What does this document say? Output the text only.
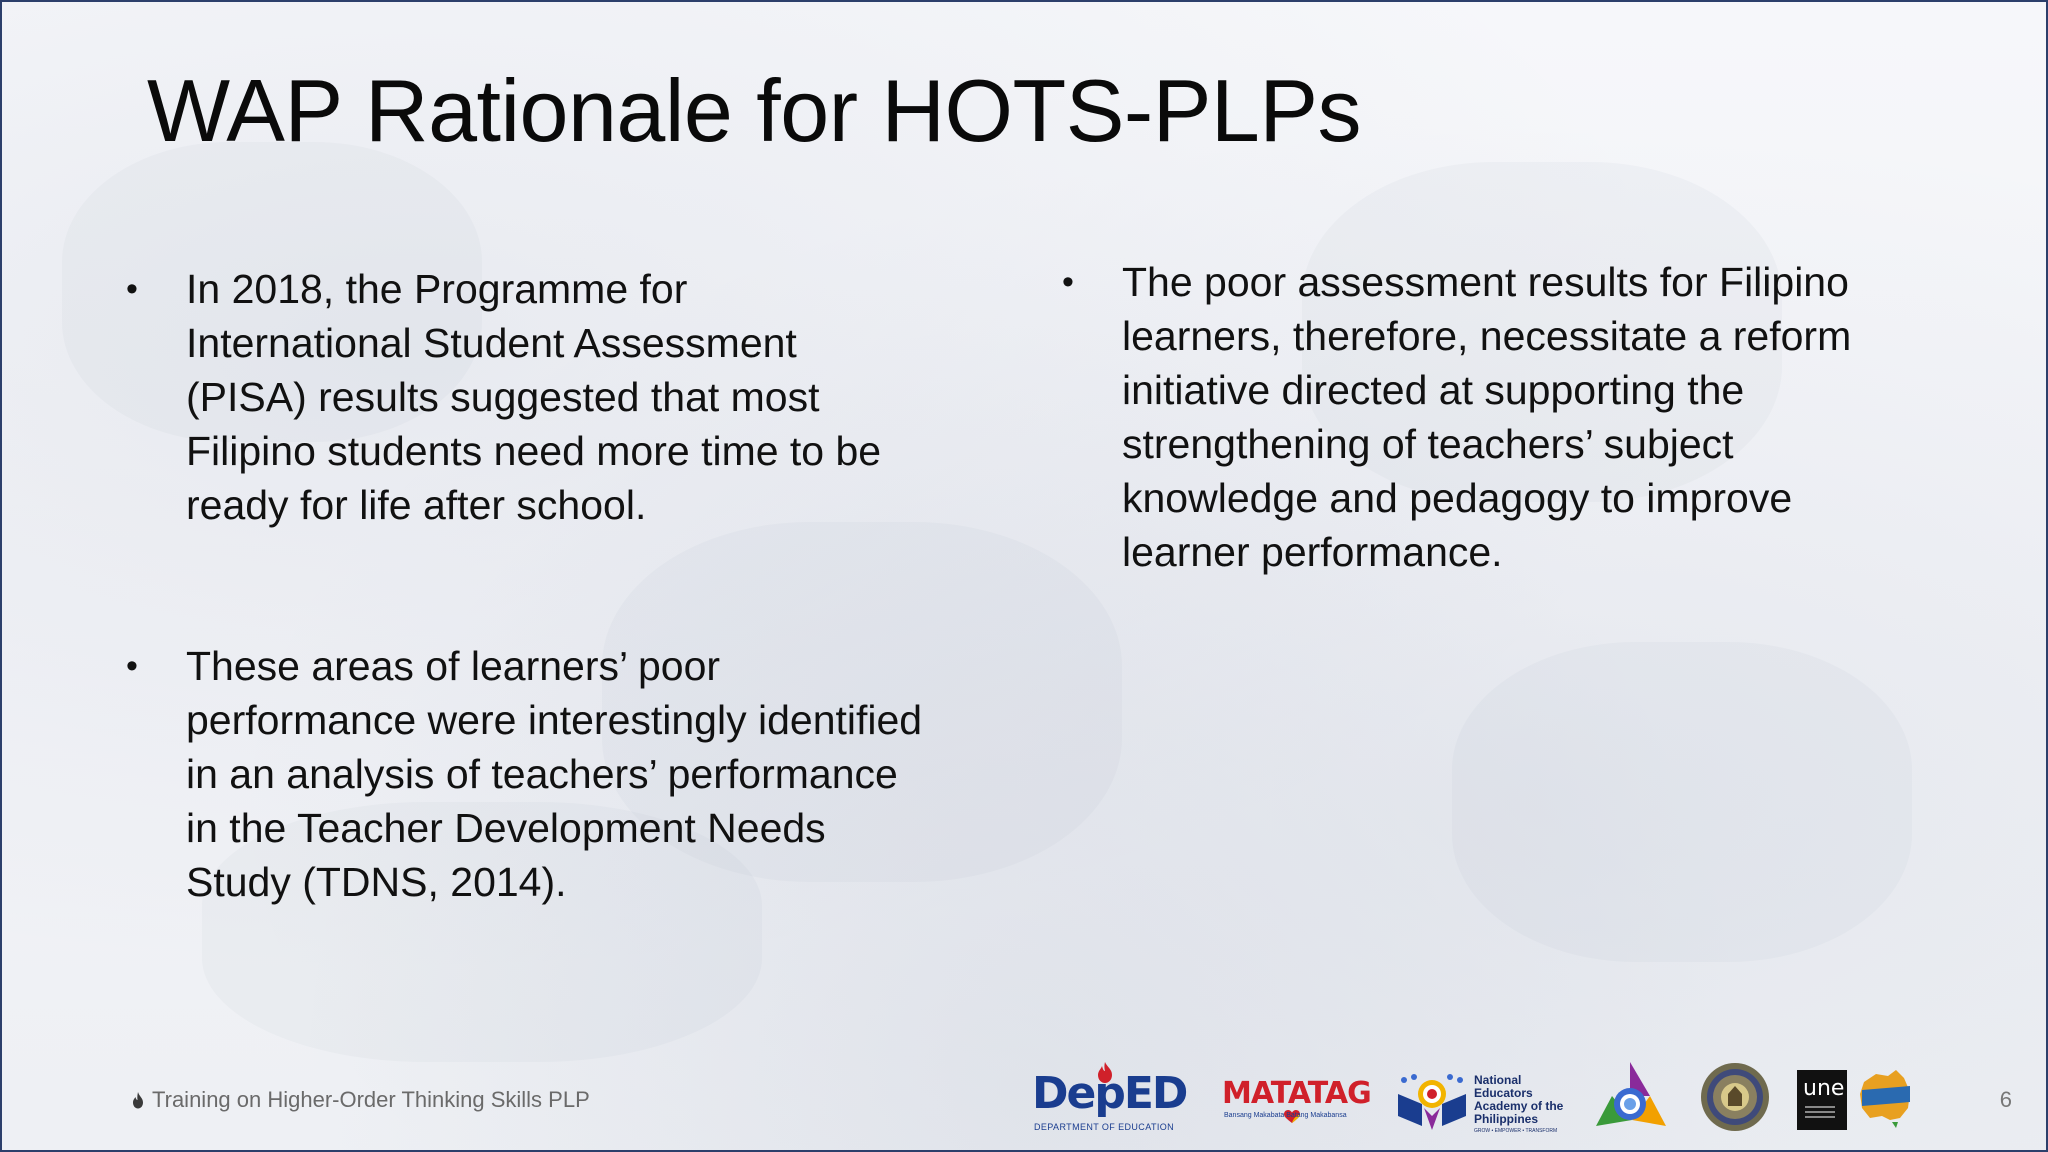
WAP Rationale for HOTS-PLPs
• In 2018, the Programme for
International Student Assessment
(PISA) results suggested that most
Filipino students need more time to be
ready for life after school.
• These areas of learners’ poor
performance were interestingly identified
in an analysis of teachers’ performance
in the Teacher Development Needs
Study (TDNS, 2014).
• The poor assessment results for Filipino
learners, therefore, necessitate a reform
initiative directed at supporting the
strengthening of teachers’ subject
knowledge and pedagogy to improve
learner performance.
Training on Higher-Order Thinking Skills PLP	6
DepED
DEPARTMENT OF EDUCATION
MATATAG
Bansang Makabata Batang Makabansa
National
Educators
Academy of the
Philippines
GROW • EMPOWER • TRANSFORM
une
